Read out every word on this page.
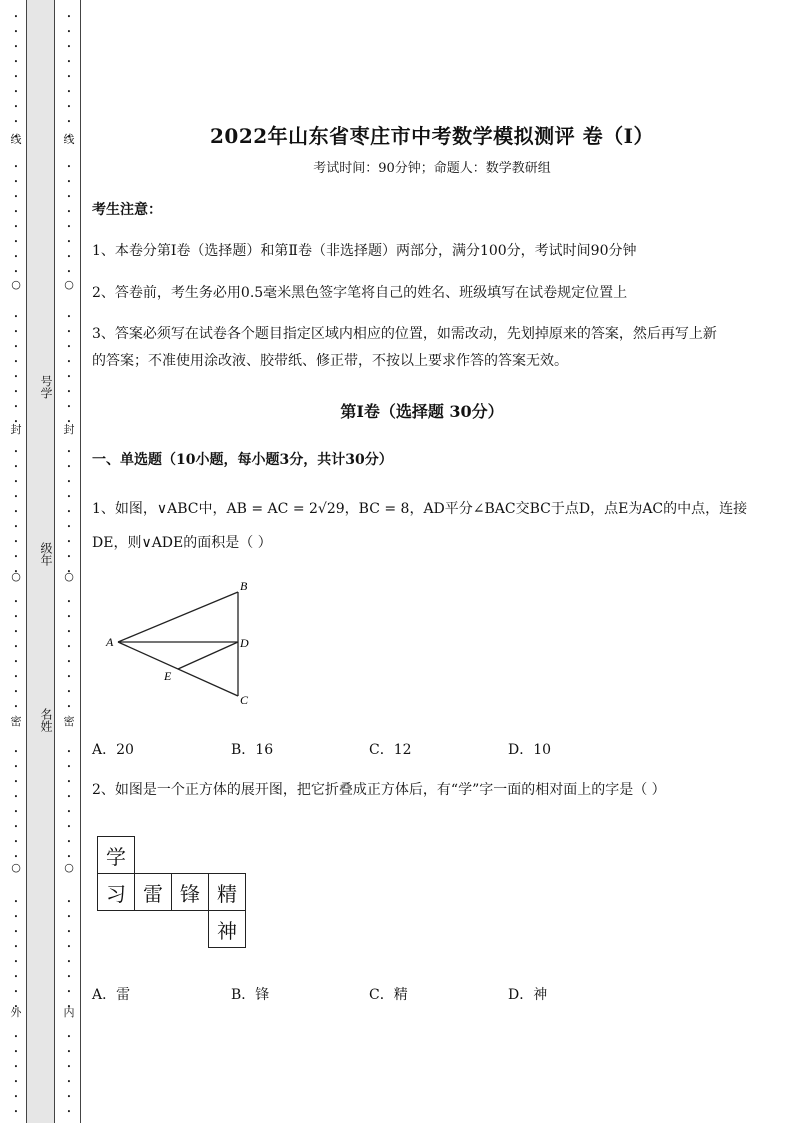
•
•
•
•
•
•
•
•
•
•
•
•
•
•
•
•
•
•
•
•
•
•
•
•
•
•
•
•
•
•
•
•
•
•
•
•
•
•
•
•
•
•
•
•
•
•
•
•
•
•
•
•
•
•
•
•
•
•
•
•
•
•
•
•
线
○
封
○
密
○
外
•
•
•
•
•
•
•
•
•
•
•
•
•
•
•
•
•
•
•
•
•
•
•
•
•
•
•
•
•
•
•
•
•
•
•
•
•
•
•
•
•
•
•
•
•
•
•
•
•
•
•
•
•
•
•
•
•
•
•
•
•
•
•
•
线
○
封
○
密
○
内
号学
级年
名姓
2022年山东省枣庄市中考数学模拟测评 卷（Ⅰ）
考试时间：90分钟；命题人：数学教研组
考生注意：
1、本卷分第Ⅰ卷（选择题）和第Ⅱ卷（非选择题）两部分，满分100分，考试时间90分钟
2、答卷前，考生务必用0.5毫米黑色签字笔将自己的姓名、班级填写在试卷规定位置上
3、答案必须写在试卷各个题目指定区域内相应的位置，如需改动，先划掉原来的答案，然后再写上新
的答案；不准使用涂改液、胶带纸、修正带，不按以上要求作答的答案无效。
第Ⅰ卷（选择题 30分）
一、单选题（10小题，每小题3分，共计30分）
1、如图，∨ABC中，AB = AC = 2√29，BC = 8，AD平分∠BAC交BC于点D，点E为AC的中点，连接
DE，则∨ADE的面积是（ ）
A．20	B．16	C．12	D．10
2、如图是一个正方体的展开图，把它折叠成正方体后，有“学”字一面的相对面上的字是（ ）
A．雷	B．锋	C．精	D．神
A
B
D
C
E
学
习 雷 锋 精
神
